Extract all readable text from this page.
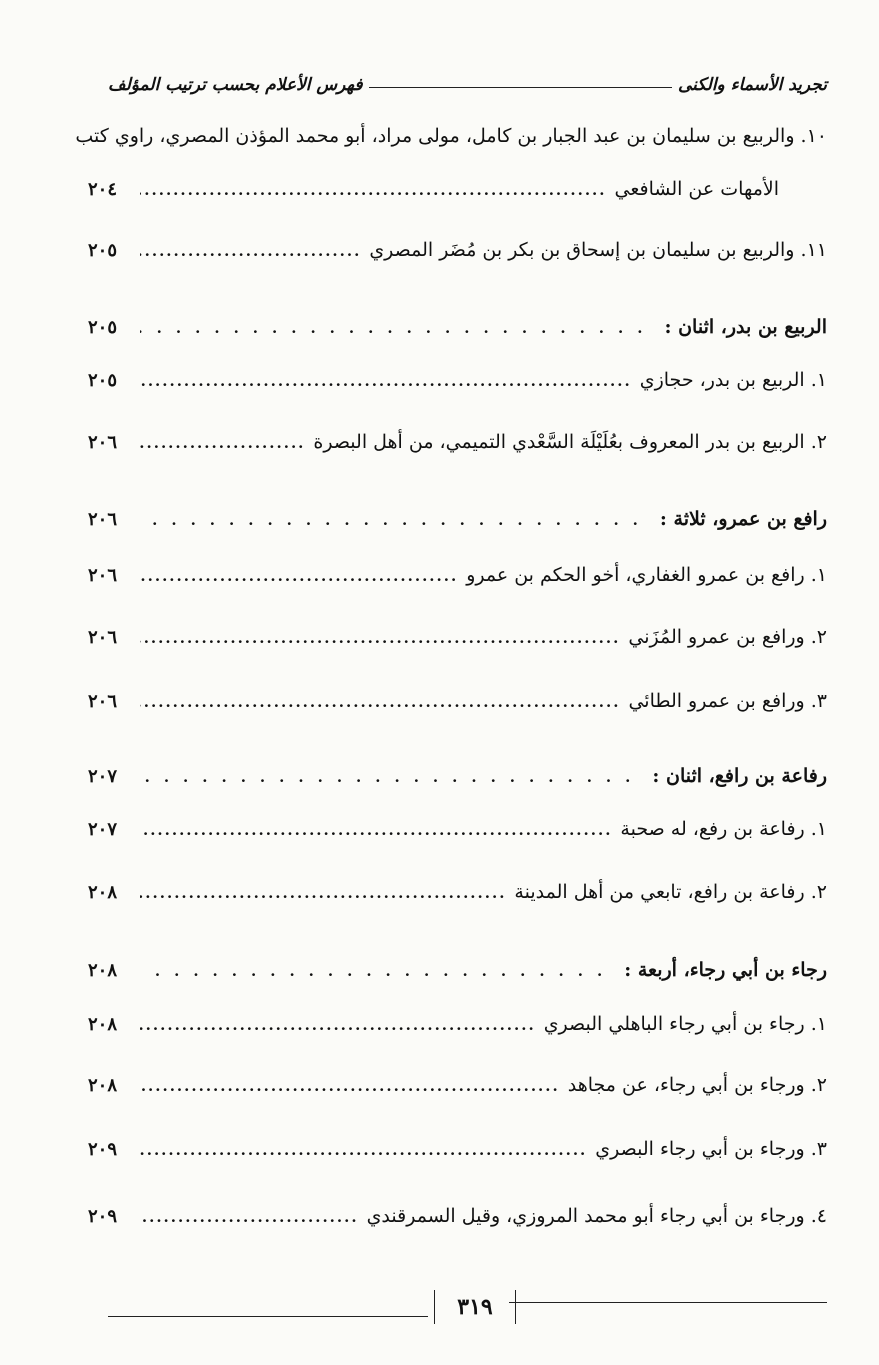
تجريد الأسماء والكنى
فهرس الأعلام بحسب ترتيب المؤلف
١٠. والربيع بن سليمان بن عبد الجبار بن كامل، مولى مراد، أبو محمد المؤذن المصري، راوي كتب
الأمهات عن الشافعي
.....
٢٠٤
١١. والربيع بن سليمان بن إسحاق بن بكر بن مُضَر المصري
.....
٢٠٥
الربيع بن بدر، اثنان :
.....
٢٠٥
١. الربيع بن بدر، حجازي
.....
٢٠٥
٢. الربيع بن بدر المعروف بعُلَيْلَة السَّعْدي التميمي، من أهل البصرة
.....
٢٠٦
رافع بن عمرو، ثلاثة :
.....
٢٠٦
١. رافع بن عمرو الغفاري، أخو الحكم بن عمرو
.....
٢٠٦
٢. ورافع بن عمرو المُزَني
.....
٢٠٦
٣. ورافع بن عمرو الطائي
.....
٢٠٦
رفاعة بن رافع، اثنان :
.....
٢٠٧
١. رفاعة بن رفع، له صحبة
.....
٢٠٧
٢. رفاعة بن رافع، تابعي من أهل المدينة
.....
٢٠٨
رجاء بن أبي رجاء، أربعة :
.....
٢٠٨
١. رجاء بن أبي رجاء الباهلي البصري
.....
٢٠٨
٢. ورجاء بن أبي رجاء، عن مجاهد
.....
٢٠٨
٣. ورجاء بن أبي رجاء البصري
.....
٢٠٩
٤. ورجاء بن أبي رجاء أبو محمد المروزي، وقيل السمرقندي
.....
٢٠٩
٣١٩
